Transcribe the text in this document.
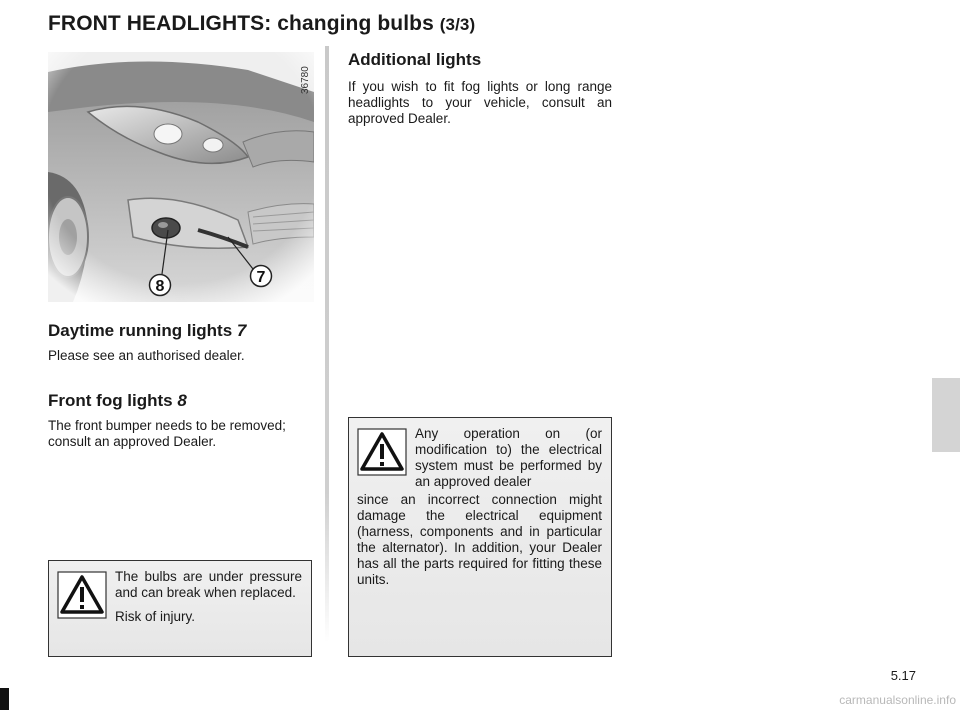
FRONT HEADLIGHTS: changing bulbs (3/3)
8
7
36780
Daytime running lights 7

Please see an authorised dealer.

Front fog lights 8

The front bumper needs to be removed;

consult an approved Dealer.

The bulbs are under pressure and can break when replaced.

Risk of injury.

Additional lights

If you wish to fit fog lights or long range headlights to your vehicle, consult an approved Dealer.

Any operation on (or modification to) the electrical system must be performed by an approved dealer

since an incorrect connection might damage the electrical equipment (harness, components and in particular the alternator). In addition, your Dealer has all the parts required for fitting these units.

5.17
carmanualsonline.info
